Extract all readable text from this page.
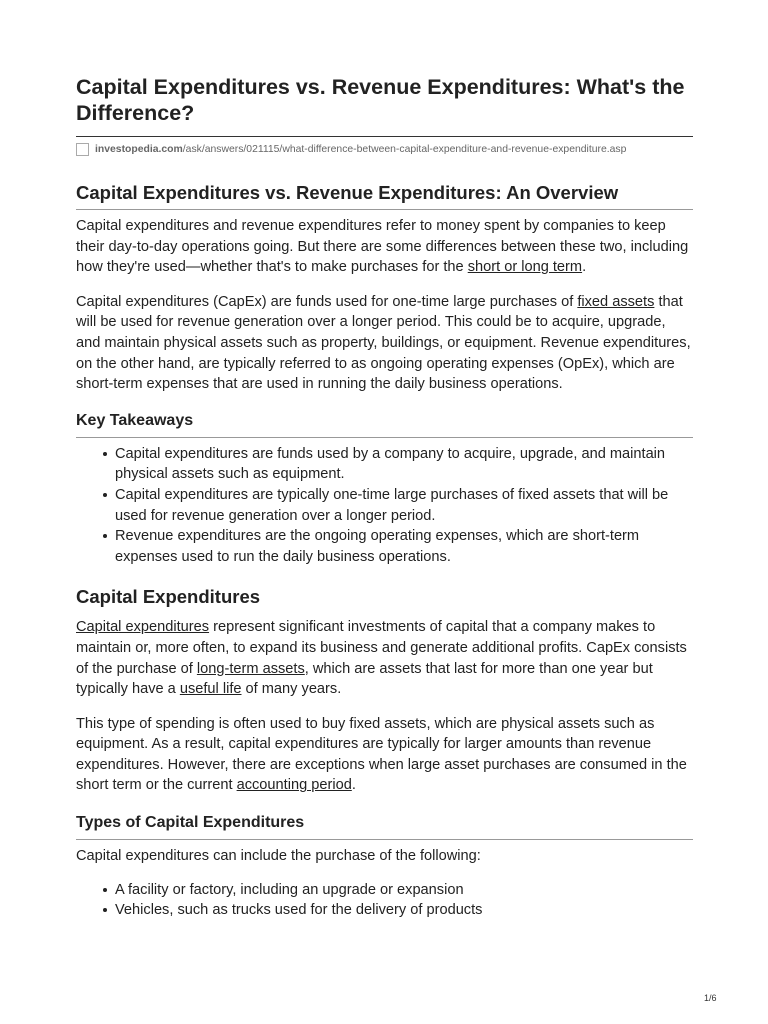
Capital Expenditures vs. Revenue Expenditures: What's the Difference?
investopedia.com /ask/answers/021115/what-difference-between-capital-expenditure-and-revenue-expenditure.asp
Capital Expenditures vs. Revenue Expenditures: An Overview

Capital expenditures and revenue expenditures refer to money spent by companies to keep their day-to-day operations going. But there are some differences between these two, including how they're used—whether that's to make purchases for the short or long term.

Capital expenditures (CapEx) are funds used for one-time large purchases of fixed assets that will be used for revenue generation over a longer period. This could be to acquire, upgrade, and maintain physical assets such as property, buildings, or equipment. Revenue expenditures, on the other hand, are typically referred to as ongoing operating expenses (OpEx), which are short-term expenses that are used in running the daily business operations.

Key Takeaways
Capital expenditures are funds used by a company to acquire, upgrade, and maintain physical assets such as equipment.
Capital expenditures are typically one-time large purchases of fixed assets that will be used for revenue generation over a longer period.
Revenue expenditures are the ongoing operating expenses, which are short-term expenses used to run the daily business operations.
Capital Expenditures

Capital expenditures represent significant investments of capital that a company makes to maintain or, more often, to expand its business and generate additional profits. CapEx consists of the purchase of long-term assets, which are assets that last for more than one year but typically have a useful life of many years.

This type of spending is often used to buy fixed assets, which are physical assets such as equipment. As a result, capital expenditures are typically for larger amounts than revenue expenditures. However, there are exceptions when large asset purchases are consumed in the short term or the current accounting period.

Types of Capital Expenditures

Capital expenditures can include the purchase of the following:

A facility or factory, including an upgrade or expansion
Vehicles, such as trucks used for the delivery of products
1/6
